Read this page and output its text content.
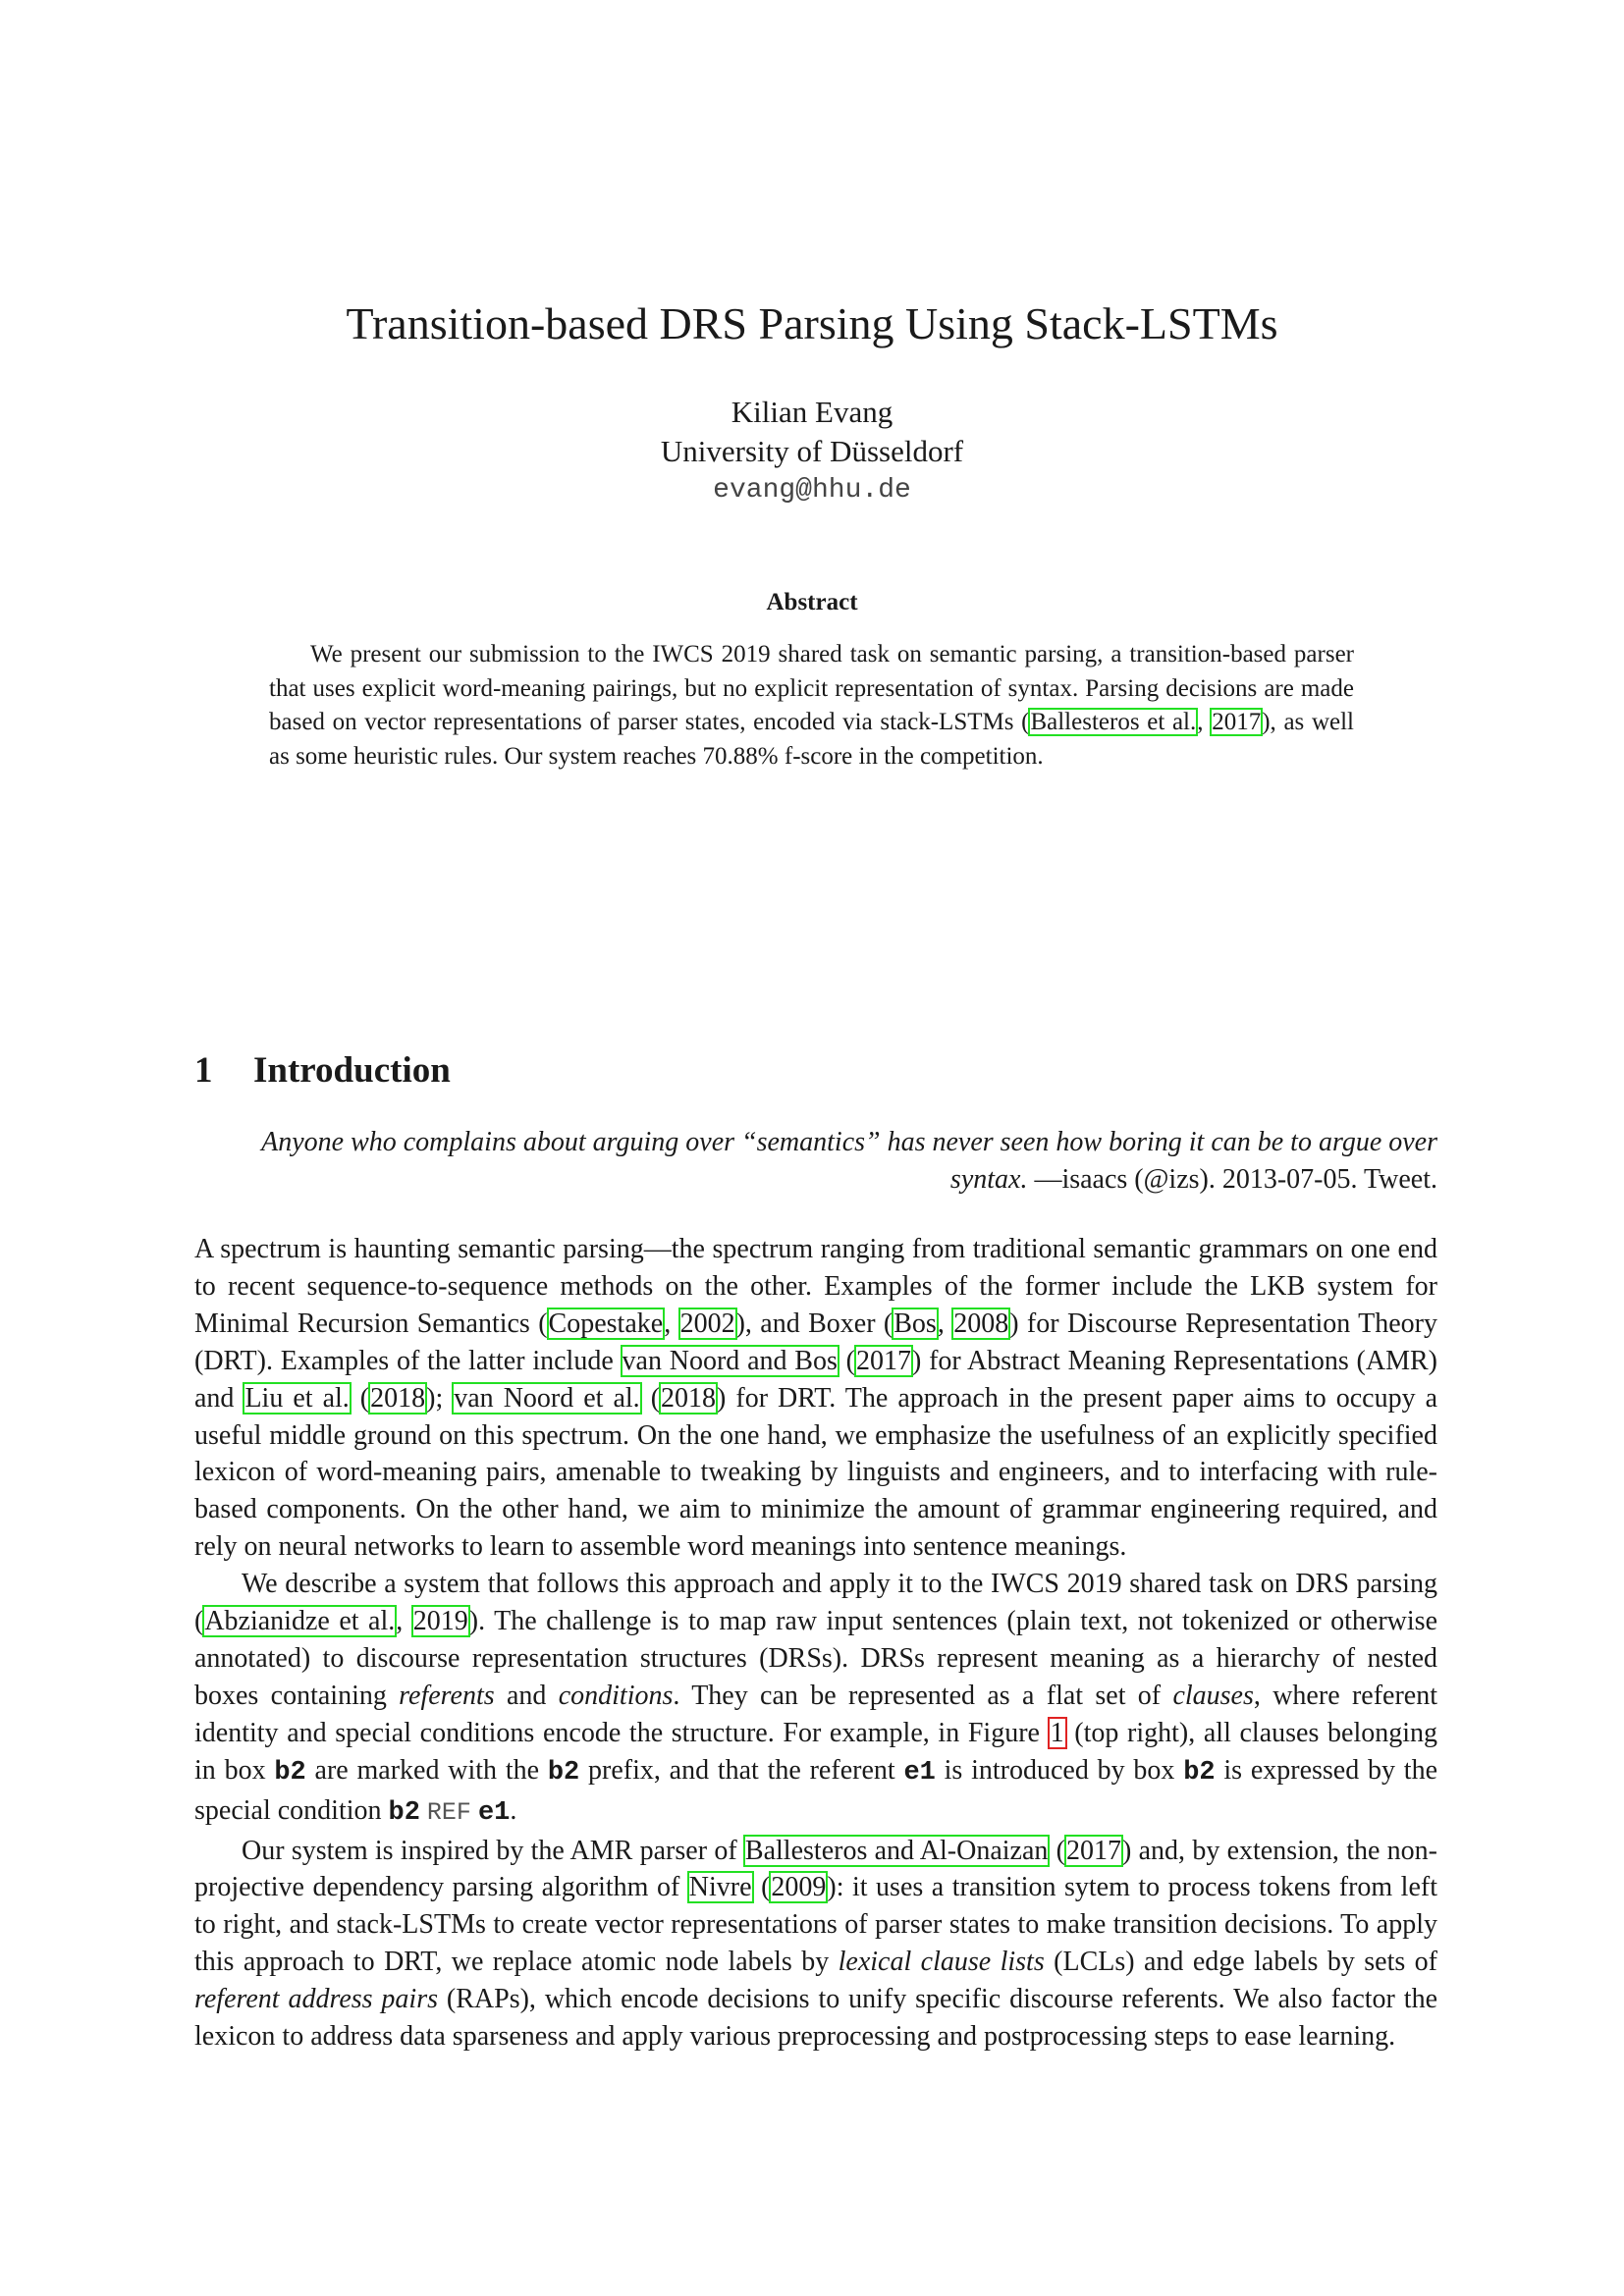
Transition-based DRS Parsing Using Stack-LSTMs
Kilian Evang
University of Düsseldorf
evang@hhu.de
Abstract

We present our submission to the IWCS 2019 shared task on semantic parsing, a transition-based parser that uses explicit word-meaning pairings, but no explicit representation of syntax. Parsing decisions are made based on vector representations of parser states, encoded via stack-LSTMs (Ballesteros et al., 2017), as well as some heuristic rules. Our system reaches 70.88% f-score in the competition.

1 Introduction
Anyone who complains about arguing over “semantics” has never seen how boring it can be to argue over syntax. —isaacs (@izs). 2013-07-05. Tweet.

A spectrum is haunting semantic parsing—the spectrum ranging from traditional semantic grammars on one end to recent sequence-to-sequence methods on the other. Examples of the former include the LKB system for Minimal Recursion Semantics (Copestake, 2002), and Boxer (Bos, 2008) for Discourse Representation Theory (DRT). Examples of the latter include van Noord and Bos (2017) for Abstract Meaning Representations (AMR) and Liu et al. (2018); van Noord et al. (2018) for DRT. The approach in the present paper aims to occupy a useful middle ground on this spectrum. On the one hand, we emphasize the usefulness of an explicitly specified lexicon of word-meaning pairs, amenable to tweaking by linguists and engineers, and to interfacing with rule-based components. On the other hand, we aim to minimize the amount of grammar engineering required, and rely on neural networks to learn to assemble word meanings into sentence meanings.

We describe a system that follows this approach and apply it to the IWCS 2019 shared task on DRS parsing (Abzianidze et al., 2019). The challenge is to map raw input sentences (plain text, not tokenized or otherwise annotated) to discourse representation structures (DRSs). DRSs represent meaning as a hierarchy of nested boxes containing referents and conditions. They can be represented as a flat set of clauses, where referent identity and special conditions encode the structure. For example, in Figure 1 (top right), all clauses belonging in box b2 are marked with the b2 prefix, and that the referent e1 is introduced by box b2 is expressed by the special condition b2 REF e1.

Our system is inspired by the AMR parser of Ballesteros and Al-Onaizan (2017) and, by extension, the non-projective dependency parsing algorithm of Nivre (2009): it uses a transition sytem to process tokens from left to right, and stack-LSTMs to create vector representations of parser states to make transition decisions. To apply this approach to DRT, we replace atomic node labels by lexical clause lists (LCLs) and edge labels by sets of referent address pairs (RAPs), which encode decisions to unify specific discourse referents. We also factor the lexicon to address data sparseness and apply various preprocessing and postprocessing steps to ease learning.
